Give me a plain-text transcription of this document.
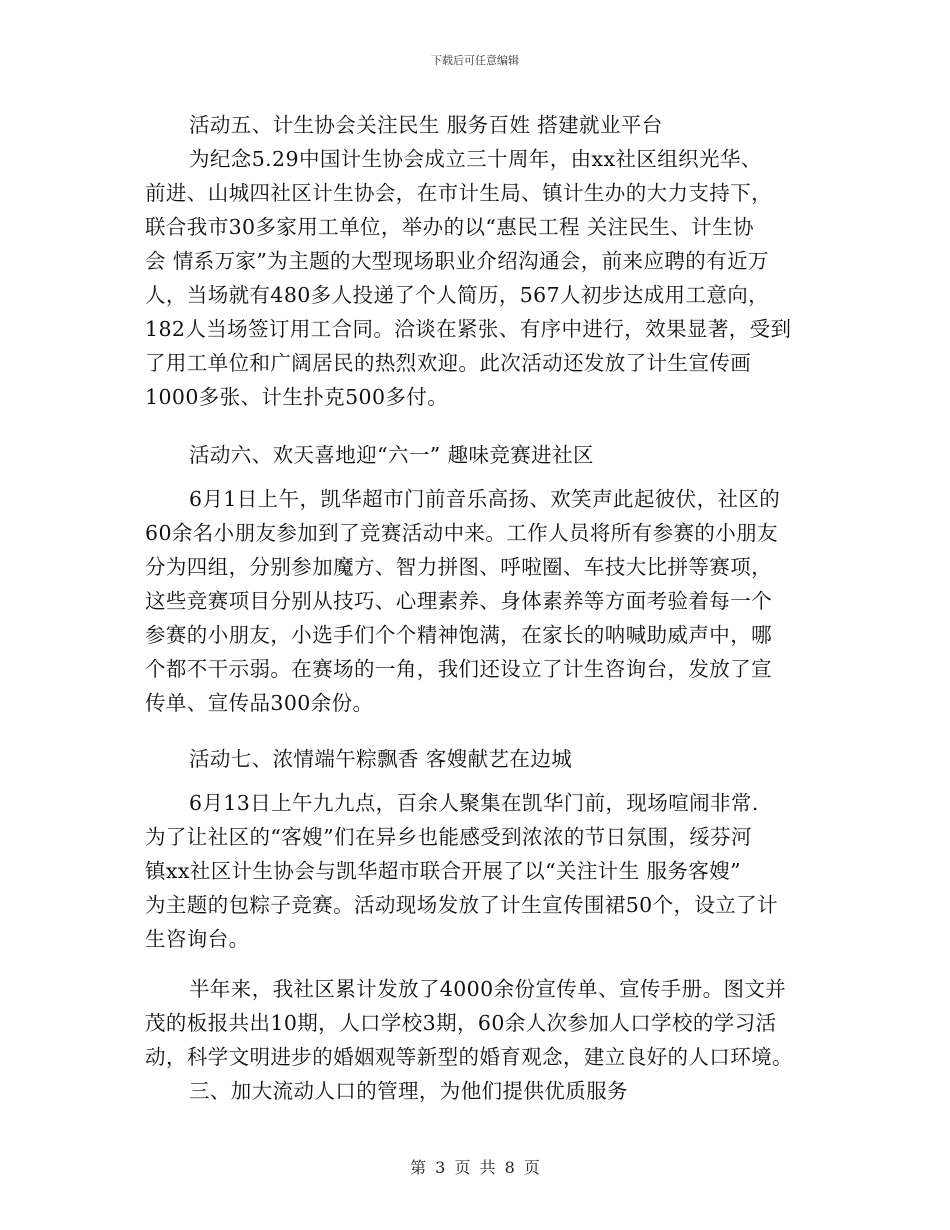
下载后可任意编辑
活动五、计生协会关注民生 服务百姓 搭建就业平台
为纪念5.29中国计生协会成立三十周年，由xx社区组织光华、
前进、山城四社区计生协会，在市计生局、镇计生办的大力支持下，
联合我市30多家用工单位，举办的以“惠民工程 关注民生、计生协
会 情系万家”为主题的大型现场职业介绍沟通会，前来应聘的有近万
人，当场就有480多人投递了个人简历，567人初步达成用工意向，
182人当场签订用工合同。洽谈在紧张、有序中进行，效果显著，受到
了用工单位和广阔居民的热烈欢迎。此次活动还发放了计生宣传画
1000多张、计生扑克500多付。
活动六、欢天喜地迎“六一” 趣味竞赛进社区
6月1日上午，凯华超市门前音乐高扬、欢笑声此起彼伏，社区的
60余名小朋友参加到了竞赛活动中来。工作人员将所有参赛的小朋友
分为四组，分别参加魔方、智力拼图、呼啦圈、车技大比拼等赛项，
这些竞赛项目分别从技巧、心理素养、身体素养等方面考验着每一个
参赛的小朋友，小选手们个个精神饱满，在家长的呐喊助威声中，哪
个都不干示弱。在赛场的一角，我们还设立了计生咨询台，发放了宣
传单、宣传品300余份。
活动七、浓情端午粽飘香 客嫂献艺在边城
6月13日上午九九点，百余人聚集在凯华门前，现场喧闹非常.
为了让社区的“客嫂”们在异乡也能感受到浓浓的节日氛围，绥芬河
镇xx社区计生协会与凯华超市联合开展了以“关注计生 服务客嫂”
为主题的包粽子竞赛。活动现场发放了计生宣传围裙50个，设立了计
生咨询台。
半年来，我社区累计发放了4000余份宣传单、宣传手册。图文并
茂的板报共出10期，人口学校3期，60余人次参加人口学校的学习活
动，科学文明进步的婚姻观等新型的婚育观念，建立良好的人口环境。
三、加大流动人口的管理，为他们提供优质服务
第 3 页 共 8 页
